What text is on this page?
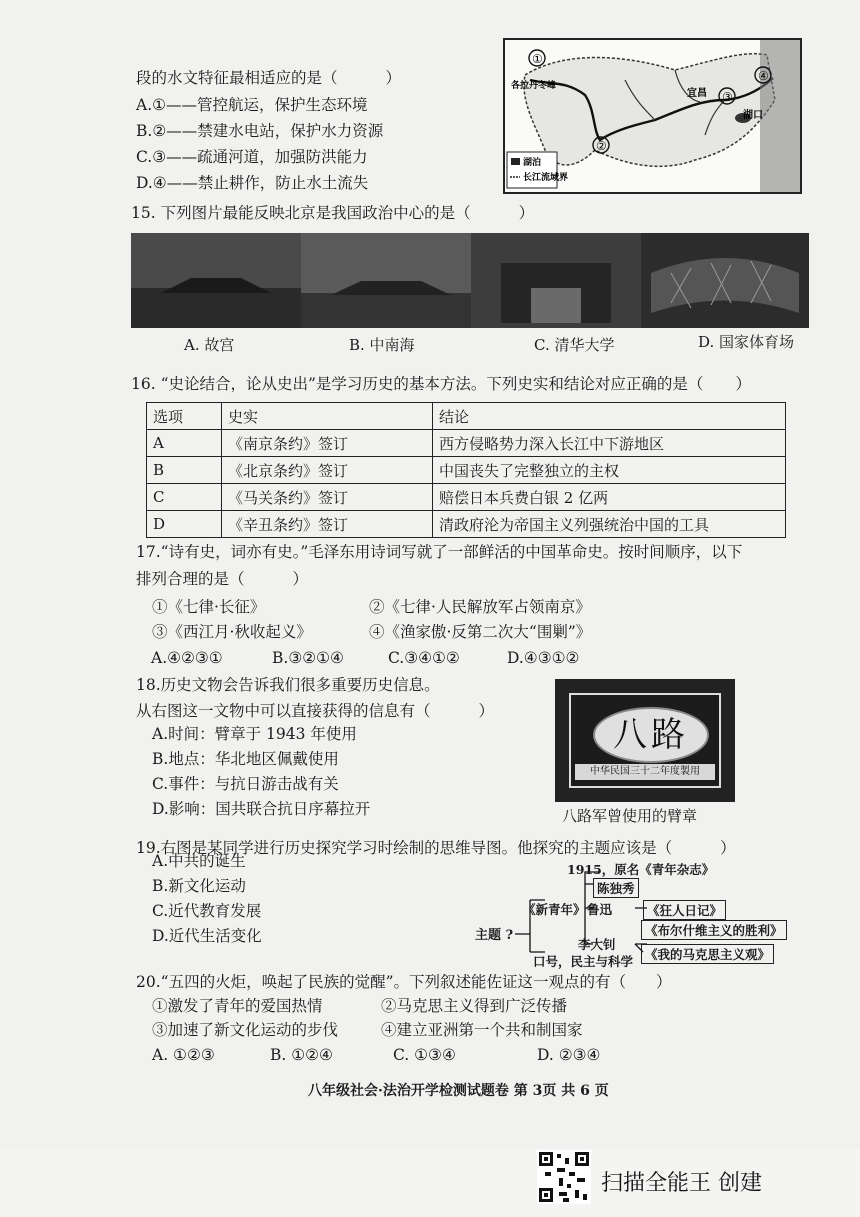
段的水文特征最相适应的是（	）
A.①——管控航运，保护生态环境
B.②——禁建水电站，保护水力资源
C.③——疏通河道，加强防洪能力
D.④——禁止耕作，防止水土流失
①
②
③
④
各拉丹冬峰
宜昌
湖口
湖泊
长江流域界
15. 下列图片最能反映北京是我国政治中心的是（	）
A. 故宫	B. 中南海	C. 清华大学	D. 国家体育场
16. “史论结合，论从史出”是学习历史的基本方法。下列史实和结论对应正确的是（ ）
选项	史实	结论
A	《南京条约》签订	西方侵略势力深入长江中下游地区
B	《北京条约》签订	中国丧失了完整独立的主权
C	《马关条约》签订	赔偿日本兵费白银 2 亿两
D	《辛丑条约》签订	清政府沦为帝国主义列强统治中国的工具
17.“诗有史，词亦有史。”毛泽东用诗词写就了一部鲜活的中国革命史。按时间顺序，以下
排列合理的是（	）
①《七律·长征》	②《七律·人民解放军占领南京》
③《西江月·秋收起义》	④《渔家傲·反第二次大“围剿”》
A.④②③①	B.③②①④	C.③④①②	D.④③①②
18.历史文物会告诉我们很多重要历史信息。
从右图这一文物中可以直接获得的信息有（	）
A.时间：臂章于 1943 年使用
B.地点：华北地区佩戴使用
C.事件：与抗日游击战有关
D.影响：国共联合抗日序幕拉开
八路
中华民国三十二年度製用
八路军曾使用的臂章
19.右图是某同学进行历史探究学习时绘制的思维导图。他探究的主题应该是（	）
A.中共的诞生
B.新文化运动
C.近代教育发展
D.近代生活变化	主题 ?
《新青年》
1915，原名《青年杂志》
陈独秀
鲁迅
李大钊
《狂人日记》
《布尔什维主义的胜利》
《我的马克思主义观》
口号，民主与科学
20.“五四的火炬，唤起了民族的觉醒”。下列叙述能佐证这一观点的有（ ）
①激发了青年的爱国热情	②马克思主义得到广泛传播
③加速了新文化运动的步伐	④建立亚洲第一个共和制国家
A. ①②③	B. ①②④	C. ①③④	D. ②③④
八年级社会·法治开学检测试题卷 第 3页 共 6 页
扫描全能王 创建
